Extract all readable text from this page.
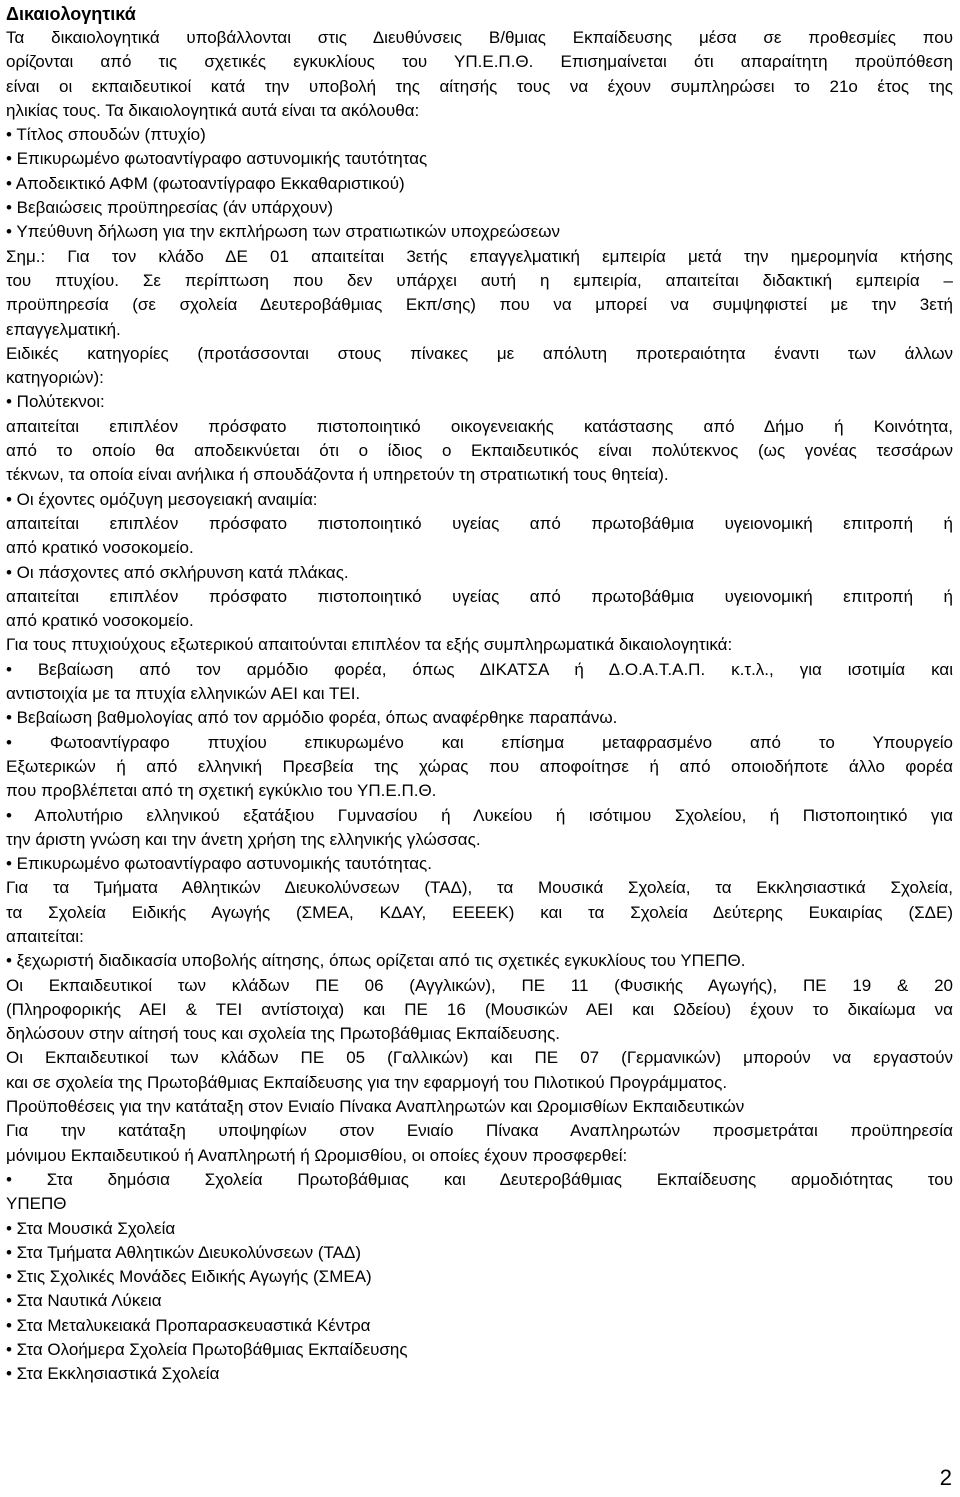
Δικαιολογητικά
Τα δικαιολογητικά υποβάλλονται στις Διευθύνσεις Β/θμιας Εκπαίδευσης μέσα σε προθεσμίες που
ορίζονται από τις σχετικές εγκυκλίους του ΥΠ.Ε.Π.Θ. Επισημαίνεται ότι απαραίτητη προϋπόθεση
είναι οι εκπαιδευτικοί κατά την υποβολή της αίτησής τους να έχουν συμπληρώσει το 21ο έτος της
ηλικίας τους. Τα δικαιολογητικά αυτά είναι τα ακόλουθα:
• Τίτλος σπουδών (πτυχίο)
• Επικυρωμένο φωτοαντίγραφο αστυνομικής ταυτότητας
• Αποδεικτικό ΑΦΜ (φωτοαντίγραφο Εκκαθαριστικού)
• Βεβαιώσεις προϋπηρεσίας (άν υπάρχουν)
• Υπεύθυνη δήλωση για την εκπλήρωση των στρατιωτικών υποχρεώσεων
Σημ.: Για τον κλάδο ΔΕ 01 απαιτείται 3ετής επαγγελματική εμπειρία μετά την ημερομηνία κτήσης
του πτυχίου. Σε περίπτωση που δεν υπάρχει αυτή η εμπειρία, απαιτείται διδακτική εμπειρία –
προϋπηρεσία (σε σχολεία Δευτεροβάθμιας Εκπ/σης) που να μπορεί να συμψηφιστεί με την 3ετή
επαγγελματική.
Ειδικές κατηγορίες (προτάσσονται στους πίνακες με απόλυτη προτεραιότητα έναντι των άλλων
κατηγοριών):
• Πολύτεκνοι:
απαιτείται επιπλέον πρόσφατο πιστοποιητικό οικογενειακής κατάστασης από Δήμο ή Κοινότητα,
από το οποίο θα αποδεικνύεται ότι ο ίδιος ο Εκπαιδευτικός είναι πολύτεκνος (ως γονέας τεσσάρων
τέκνων, τα οποία είναι ανήλικα ή σπουδάζοντα ή υπηρετούν τη στρατιωτική τους θητεία).
• Οι έχοντες ομόζυγη μεσογειακή αναιμία:
απαιτείται επιπλέον πρόσφατο πιστοποιητικό υγείας από πρωτοβάθμια υγειονομική επιτροπή ή
από κρατικό νοσοκομείο.
• Οι πάσχοντες από σκλήρυνση κατά πλάκας.
απαιτείται επιπλέον πρόσφατο πιστοποιητικό υγείας από πρωτοβάθμια υγειονομική επιτροπή ή
από κρατικό νοσοκομείο.
Για τους πτυχιούχους εξωτερικού απαιτούνται επιπλέον τα εξής συμπληρωματικά δικαιολογητικά:
• Βεβαίωση από τον αρμόδιο φορέα, όπως ΔΙΚΑΤΣΑ ή Δ.Ο.Α.Τ.Α.Π. κ.τ.λ., για ισοτιμία και
αντιστοιχία με τα πτυχία ελληνικών ΑΕΙ και ΤΕΙ.
• Βεβαίωση βαθμολογίας από τον αρμόδιο φορέα, όπως αναφέρθηκε παραπάνω.
• Φωτοαντίγραφο πτυχίου επικυρωμένο και επίσημα μεταφρασμένο από το Υπουργείο
Εξωτερικών ή από ελληνική Πρεσβεία της χώρας που αποφοίτησε ή από οποιοδήποτε άλλο φορέα
που προβλέπεται από τη σχετική εγκύκλιο του ΥΠ.Ε.Π.Θ.
• Απολυτήριο ελληνικού εξατάξιου Γυμνασίου ή Λυκείου ή ισότιμου Σχολείου, ή Πιστοποιητικό για
την άριστη γνώση και την άνετη χρήση της ελληνικής γλώσσας.
• Επικυρωμένο φωτοαντίγραφο αστυνομικής ταυτότητας.
Για τα Τμήματα Αθλητικών Διευκολύνσεων (ΤΑΔ), τα Μουσικά Σχολεία, τα Εκκλησιαστικά Σχολεία,
τα Σχολεία Ειδικής Αγωγής (ΣΜΕΑ, ΚΔΑΥ, ΕΕΕΕΚ) και τα Σχολεία Δεύτερης Ευκαιρίας (ΣΔΕ)
απαιτείται:
• ξεχωριστή διαδικασία υποβολής αίτησης, όπως ορίζεται από τις σχετικές εγκυκλίους του ΥΠΕΠΘ.
Οι Εκπαιδευτικοί των κλάδων ΠΕ 06 (Αγγλικών), ΠΕ 11 (Φυσικής Αγωγής), ΠΕ 19 & 20
(Πληροφορικής ΑΕΙ & ΤΕΙ αντίστοιχα) και ΠΕ 16 (Μουσικών ΑΕΙ και Ωδείου) έχουν το δικαίωμα να
δηλώσουν στην αίτησή τους και σχολεία της Πρωτοβάθμιας Εκπαίδευσης.
Οι Εκπαιδευτικοί των κλάδων ΠΕ 05 (Γαλλικών) και ΠΕ 07 (Γερμανικών) μπορούν να εργαστούν
και σε σχολεία της Πρωτοβάθμιας Εκπαίδευσης για την εφαρμογή του Πιλοτικού Προγράμματος.
Προϋποθέσεις για την κατάταξη στον Ενιαίο Πίνακα Αναπληρωτών και Ωρομισθίων Εκπαιδευτικών
Για την κατάταξη υποψηφίων στον Ενιαίο Πίνακα Αναπληρωτών προσμετράται προϋπηρεσία
μόνιμου Εκπαιδευτικού ή Αναπληρωτή ή Ωρομισθίου, οι οποίες έχουν προσφερθεί:
• Στα δημόσια Σχολεία Πρωτοβάθμιας και Δευτεροβάθμιας Εκπαίδευσης αρμοδιότητας του
ΥΠΕΠΘ
• Στα Μουσικά Σχολεία
• Στα Τμήματα Αθλητικών Διευκολύνσεων (ΤΑΔ)
• Στις Σχολικές Μονάδες Ειδικής Αγωγής (ΣΜΕΑ)
• Στα Ναυτικά Λύκεια
• Στα Μεταλυκειακά Προπαρασκευαστικά Κέντρα
• Στα Ολοήμερα Σχολεία Πρωτοβάθμιας Εκπαίδευσης
• Στα Εκκλησιαστικά Σχολεία
2
